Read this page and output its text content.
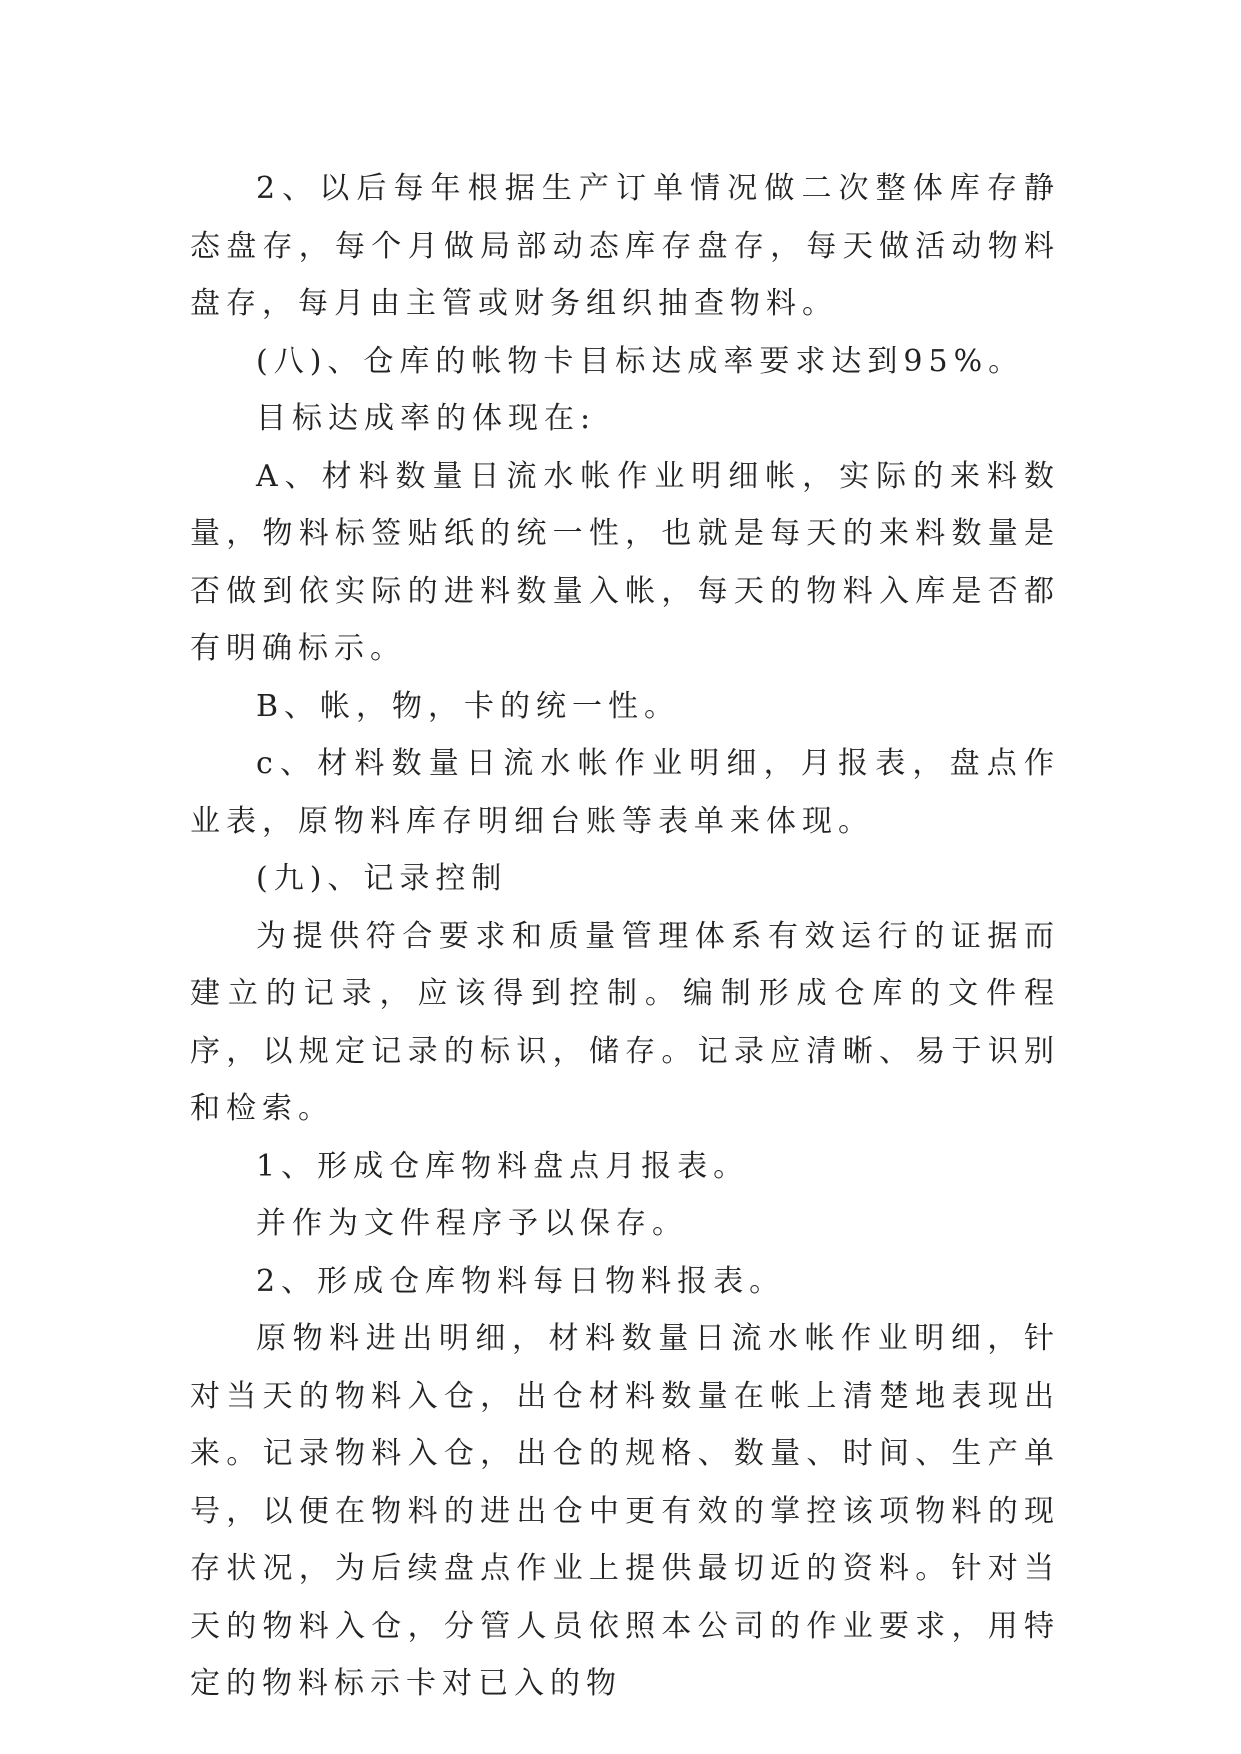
2、以后每年根据生产订单情况做二次整体库存静态盘存，每个月做局部动态库存盘存，每天做活动物料盘存，每月由主管或财务组织抽查物料。

(八)、仓库的帐物卡目标达成率要求达到95%。

目标达成率的体现在:

A、材料数量日流水帐作业明细帐，实际的来料数量，物料标签贴纸的统一性，也就是每天的来料数量是否做到依实际的进料数量入帐，每天的物料入库是否都有明确标示。

B、帐，物，卡的统一性。

c、材料数量日流水帐作业明细，月报表，盘点作业表，原物料库存明细台账等表单来体现。

(九)、记录控制

为提供符合要求和质量管理体系有效运行的证据而建立的记录，应该得到控制。编制形成仓库的文件程序，以规定记录的标识，储存。记录应清晰、易于识别和检索。

1、形成仓库物料盘点月报表。

并作为文件程序予以保存。

2、形成仓库物料每日物料报表。

原物料进出明细，材料数量日流水帐作业明细，针对当天的物料入仓，出仓材料数量在帐上清楚地表现出来。记录物料入仓，出仓的规格、数量、时间、生产单号，以便在物料的进出仓中更有效的掌控该项物料的现存状况，为后续盘点作业上提供最切近的资料。针对当天的物料入仓，分管人员依照本公司的作业要求，用特定的物料标示卡对已入的物
